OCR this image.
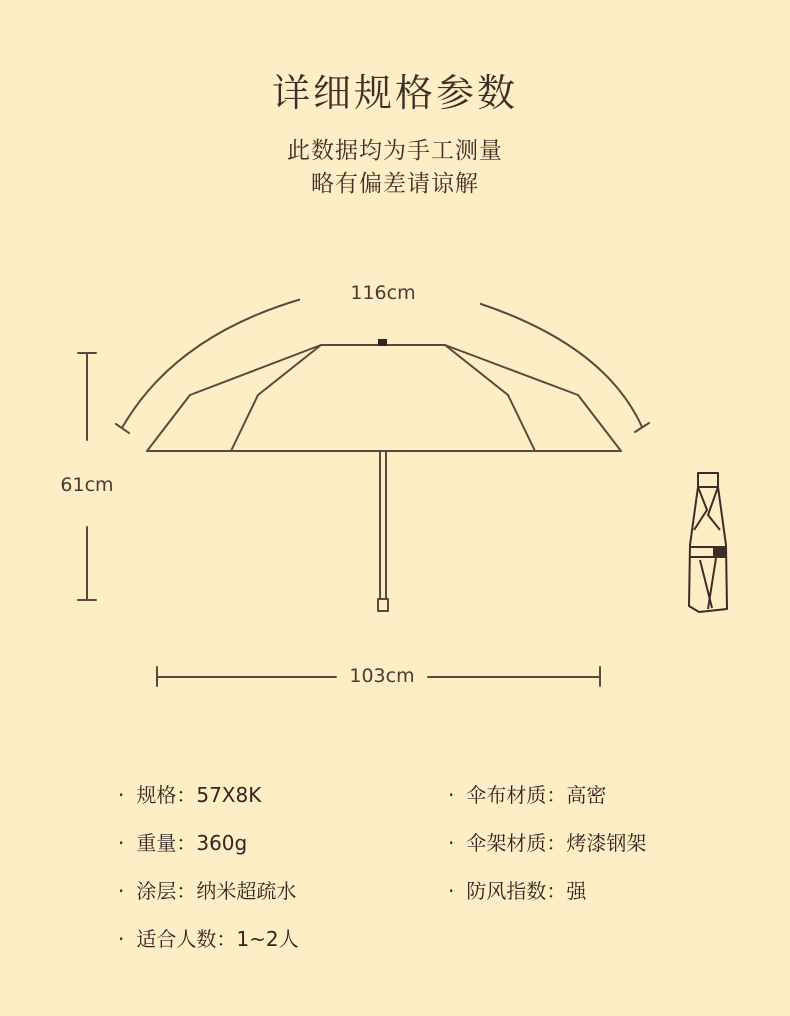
详细规格参数
此数据均为手工测量
略有偏差请谅解
116cm
61cm
103cm
· 规格：57X8K	· 伞布材质：高密
· 重量：360g	· 伞架材质：烤漆钢架
· 涂层：纳米超疏水	· 防风指数：强
· 适合人数：1~2人
